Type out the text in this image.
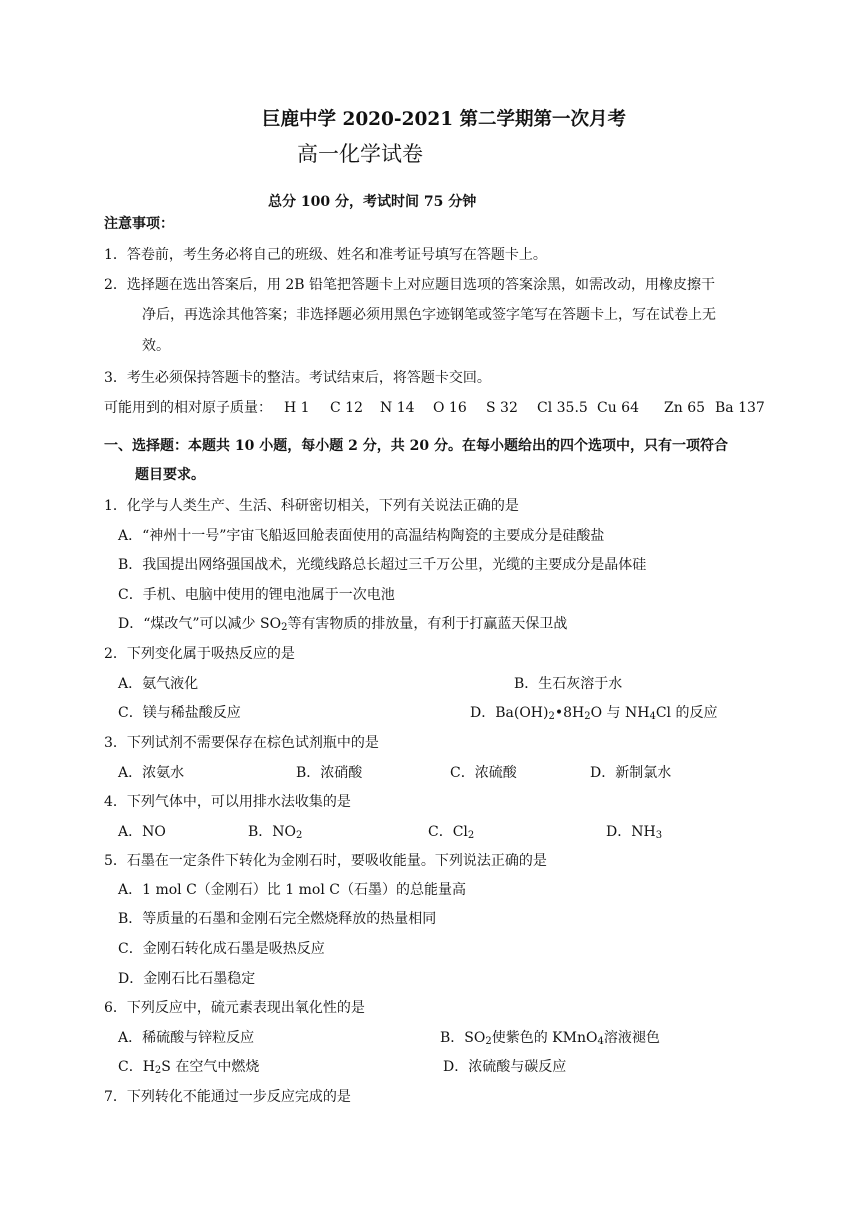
巨鹿中学 2020-2021 第二学期第一次月考
高一化学试卷
总分 100 分，考试时间 75 分钟
注意事项：
1．答卷前，考生务必将自己的班级、姓名和准考证号填写在答题卡上。
2．选择题在选出答案后，用 2B 铅笔把答题卡上对应题目选项的答案涂黑，如需改动，用橡皮擦干
净后，再选涂其他答案；非选择题必须用黑色字迹钢笔或签字笔写在答题卡上，写在试卷上无
效。
3．考生必须保持答题卡的整洁。考试结束后，将答题卡交回。
可能用到的相对原子质量： H 1 C 12 N 14 O 16 S 32 Cl 35.5 Cu 64 Zn 65 Ba 137
一、选择题：本题共 10 小题，每小题 2 分，共 20 分。在每小题给出的四个选项中，只有一项符合
题目要求。
1．化学与人类生产、生活、科研密切相关，下列有关说法正确的是
A．“神州十一号”宇宙飞船返回舱表面使用的高温结构陶瓷的主要成分是硅酸盐
B．我国提出网络强国战术，光缆线路总长超过三千万公里，光缆的主要成分是晶体硅
C．手机、电脑中使用的锂电池属于一次电池
D．“煤改气”可以减少 $SO_2$等有害物质的排放量，有利于打赢蓝天保卫战
2．下列变化属于吸热反应的是
A．氨气液化	B．生石灰溶于水
C．镁与稀盐酸反应	D．$Ba(OH)_2•8H_2O$ 与 $NH_4Cl$ 的反应
3．下列试剂不需要保存在棕色试剂瓶中的是
A．浓氨水	B．浓硝酸	C．浓硫酸	D．新制氯水
4．下列气体中，可以用排水法收集的是
A．NO	B．$NO_2$	C．$Cl_2$	D．$NH_3$
5．石墨在一定条件下转化为金刚石时，要吸收能量。下列说法正确的是
A．1 mol C（金刚石）比 1 mol C（石墨）的总能量高
B．等质量的石墨和金刚石完全燃烧释放的热量相同
C．金刚石转化成石墨是吸热反应
D．金刚石比石墨稳定
6．下列反应中，硫元素表现出氧化性的是
A．稀硫酸与锌粒反应	B．$SO_2$使紫色的 KMnO$_4$溶液褪色
C．$H_2S$ 在空气中燃烧	D．浓硫酸与碳反应
7．下列转化不能通过一步反应完成的是
